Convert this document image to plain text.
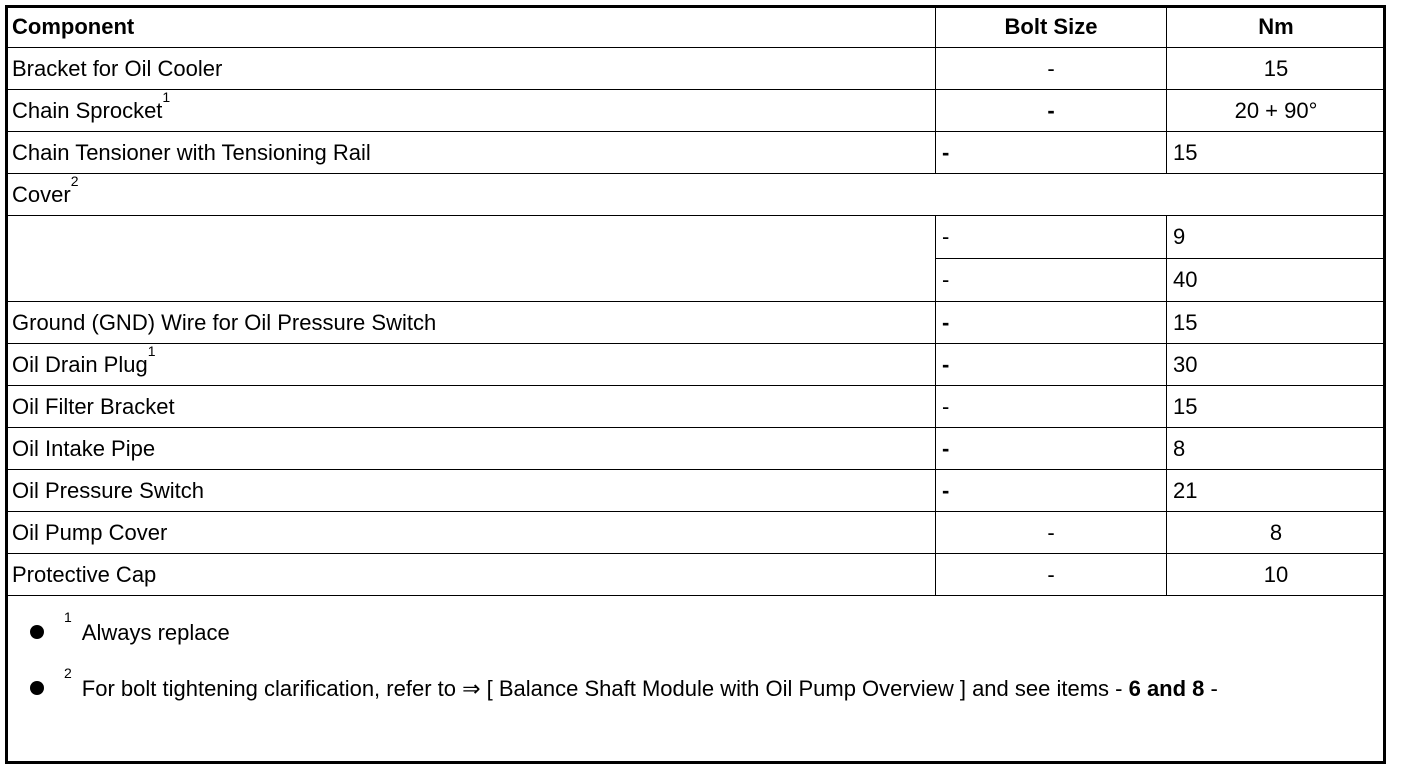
Component	Bolt Size	Nm
Bracket for Oil Cooler	-	15
Chain Sprocket$^1$	-	20 + 90°
Chain Tensioner with Tensioning Rail	-	15
Cover$^2$
	-	9
	-	40
Ground (GND) Wire for Oil Pressure Switch	-	15
Oil Drain Plug$^1$	-	30
Oil Filter Bracket	-	15
Oil Intake Pipe	-	8
Oil Pressure Switch	-	21
Oil Pump Cover	-	8
Protective Cap	-	10
$^1$Always replace
$^2$For bolt tightening clarification, refer to ⇒ [ Balance Shaft Module with Oil Pump Overview ] and see items - 6 and 8 -
